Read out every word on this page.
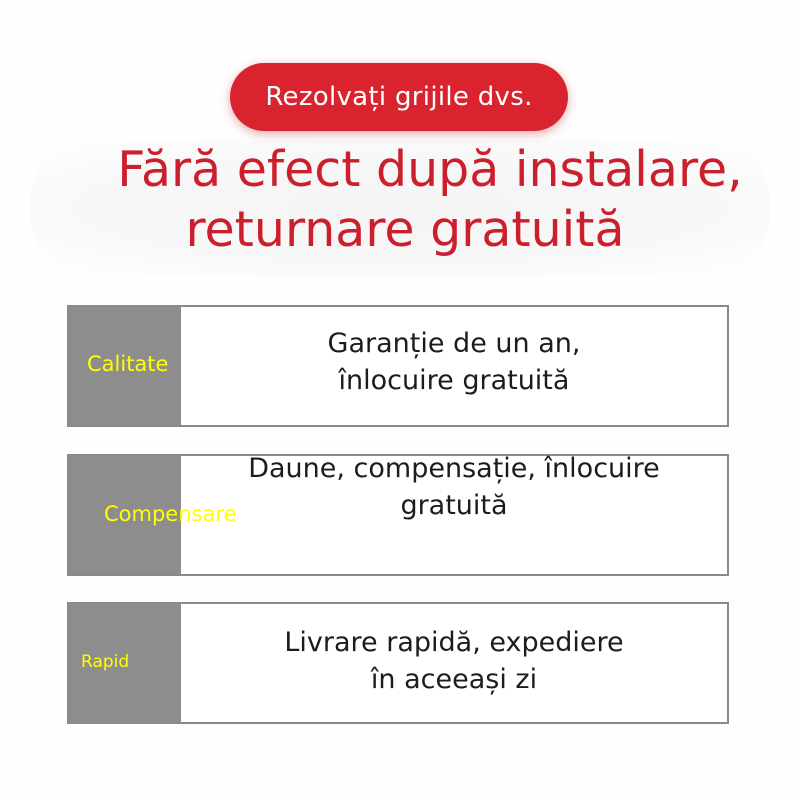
Rezolvați grijile dvs.
Fără efect după instalare,
returnare gratuită
Calitate
Garanție de un an,
înlocuire gratuită
Compensare
Daune, compensație, înlocuire
gratuită
Rapid
Livrare rapidă, expediere
în aceeași zi
